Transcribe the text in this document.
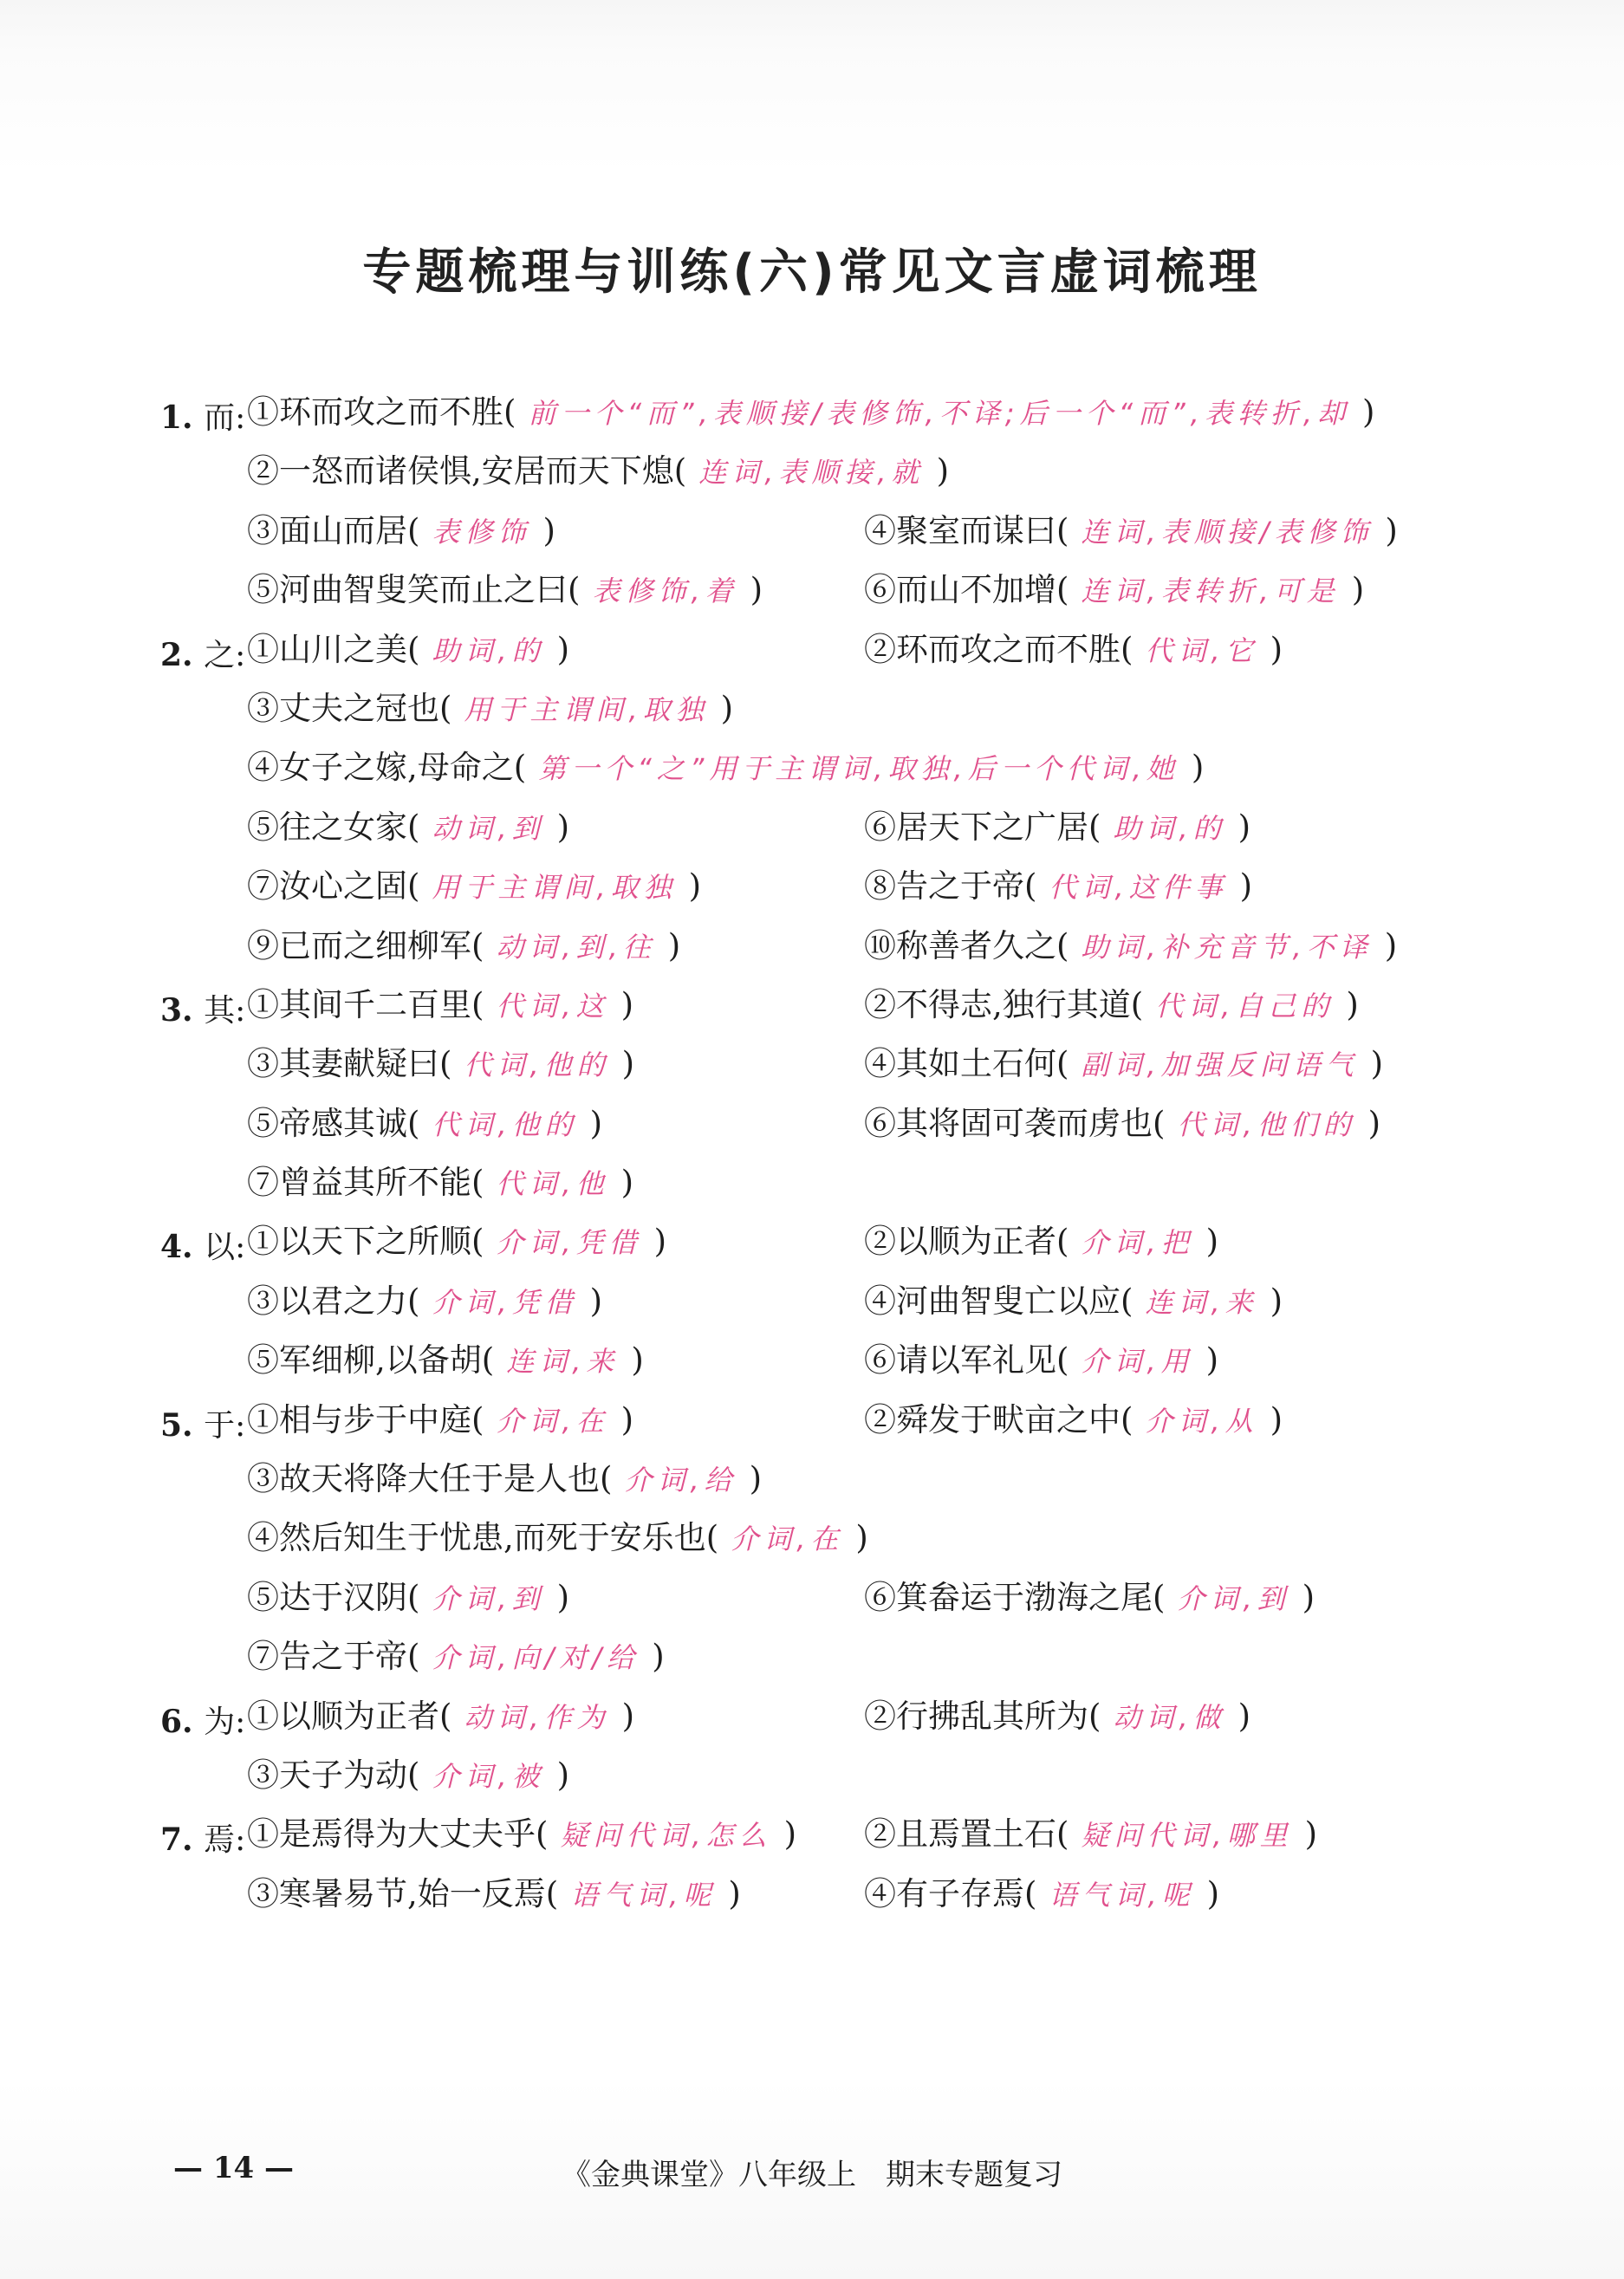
专题梳理与训练(六)常见文言虚词梳理
1. 而: ①环而攻之而不胜( 前一个“而”,表顺接/表修饰,不译;后一个“而”,表转折,却 )
②一怒而诸侯惧,安居而天下熄( 连词,表顺接,就 )
③面山而居( 表修饰 )	④聚室而谋曰( 连词,表顺接/表修饰 )
⑤河曲智叟笑而止之曰( 表修饰,着 )	⑥而山不加增( 连词,表转折,可是 )
2. 之: ①山川之美( 助词,的 )	②环而攻之而不胜( 代词,它 )
③丈夫之冠也( 用于主谓间,取独 )
④女子之嫁,母命之( 第一个“之”用于主谓词,取独,后一个代词,她 )
⑤往之女家( 动词,到 )	⑥居天下之广居( 助词,的 )
⑦汝心之固( 用于主谓间,取独 )	⑧告之于帝( 代词,这件事 )
⑨已而之细柳军( 动词,到,往 )	⑩称善者久之( 助词,补充音节,不译 )
3. 其: ①其间千二百里( 代词,这 )	②不得志,独行其道( 代词,自己的 )
③其妻献疑曰( 代词,他的 )	④其如土石何( 副词,加强反问语气 )
⑤帝感其诚( 代词,他的 )	⑥其将固可袭而虏也( 代词,他们的 )
⑦曾益其所不能( 代词,他 )
4. 以: ①以天下之所顺( 介词,凭借 )	②以顺为正者( 介词,把 )
③以君之力( 介词,凭借 )	④河曲智叟亡以应( 连词,来 )
⑤军细柳,以备胡( 连词,来 )	⑥请以军礼见( 介词,用 )
5. 于: ①相与步于中庭( 介词,在 )	②舜发于畎亩之中( 介词,从 )
③故天将降大任于是人也( 介词,给 )
④然后知生于忧患,而死于安乐也( 介词,在 )
⑤达于汉阴( 介词,到 )	⑥箕畚运于渤海之尾( 介词,到 )
⑦告之于帝( 介词,向/对/给 )
6. 为: ①以顺为正者( 动词,作为 )	②行拂乱其所为( 动词,做 )
③天子为动( 介词,被 )
7. 焉: ①是焉得为大丈夫乎( 疑问代词,怎么 ) ②且焉置土石( 疑问代词,哪里 )
③寒暑易节,始一反焉( 语气词,呢 )	④有子存焉( 语气词,呢 )
— 14 —	《金典课堂》八年级上　期末专题复习
